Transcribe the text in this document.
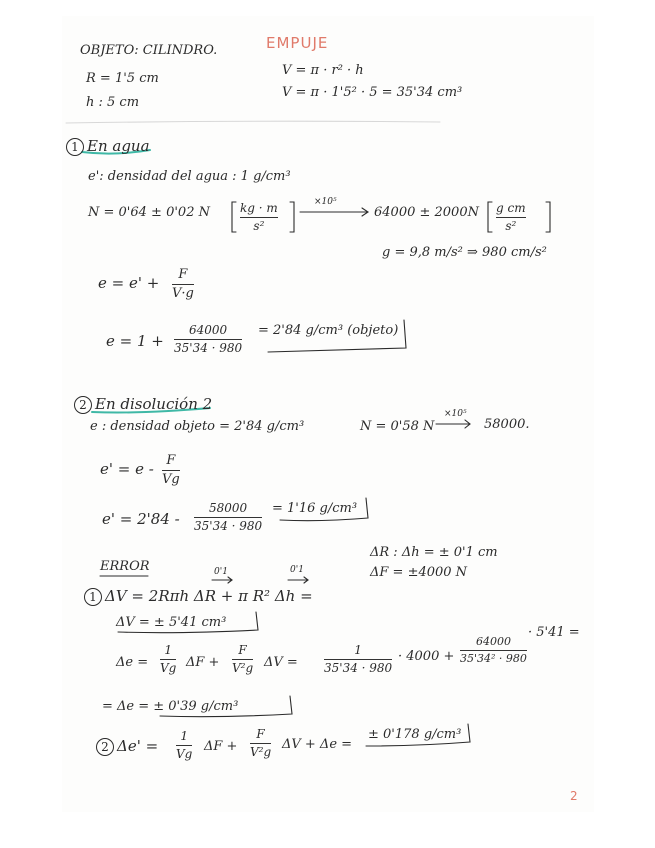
OBJETO: CILINDRO.
R = 1'5 cm
h : 5 cm
EMPUJE
V = π · r² · h
V = π · 1'5² · 5 = 35'34 cm³
1 En agua
e': densidad del agua : 1 g/cm³
N = 0'64 ± 0'02 N	kg · m
s²
×10⁵
64000 ± 2000N g cm
s²
g = 9,8 m/s² ⇒ 980 cm/s²
e = e' + F
V·g
e = 1 +
64000
35'34 · 980
= 2'84 g/cm³ (objeto)
2 En disolución 2
e : densidad objeto = 2'84 g/cm³	N = 0'58 N
×10⁵
58000.
e' = e - F
Vg
e' = 2'84 -
58000
35'34 · 980
= 1'16 g/cm³
ERROR
ΔR : Δh = ± 0'1 cm
ΔF = ±4000 N
0'1	0'1
1 ΔV = 2Rπh ΔR + π R² Δh =
ΔV = ± 5'41 cm³
Δe =
1
Vg ΔF +
F
V²g ΔV =
1
35'34 · 980
· 4000 +
64000
35'34² · 980
· 5'41 =
= Δe = ± 0'39 g/cm³
2 Δe' =
1
Vg
ΔF +
F
V²g
ΔV + Δe =
± 0'178 g/cm³
2
